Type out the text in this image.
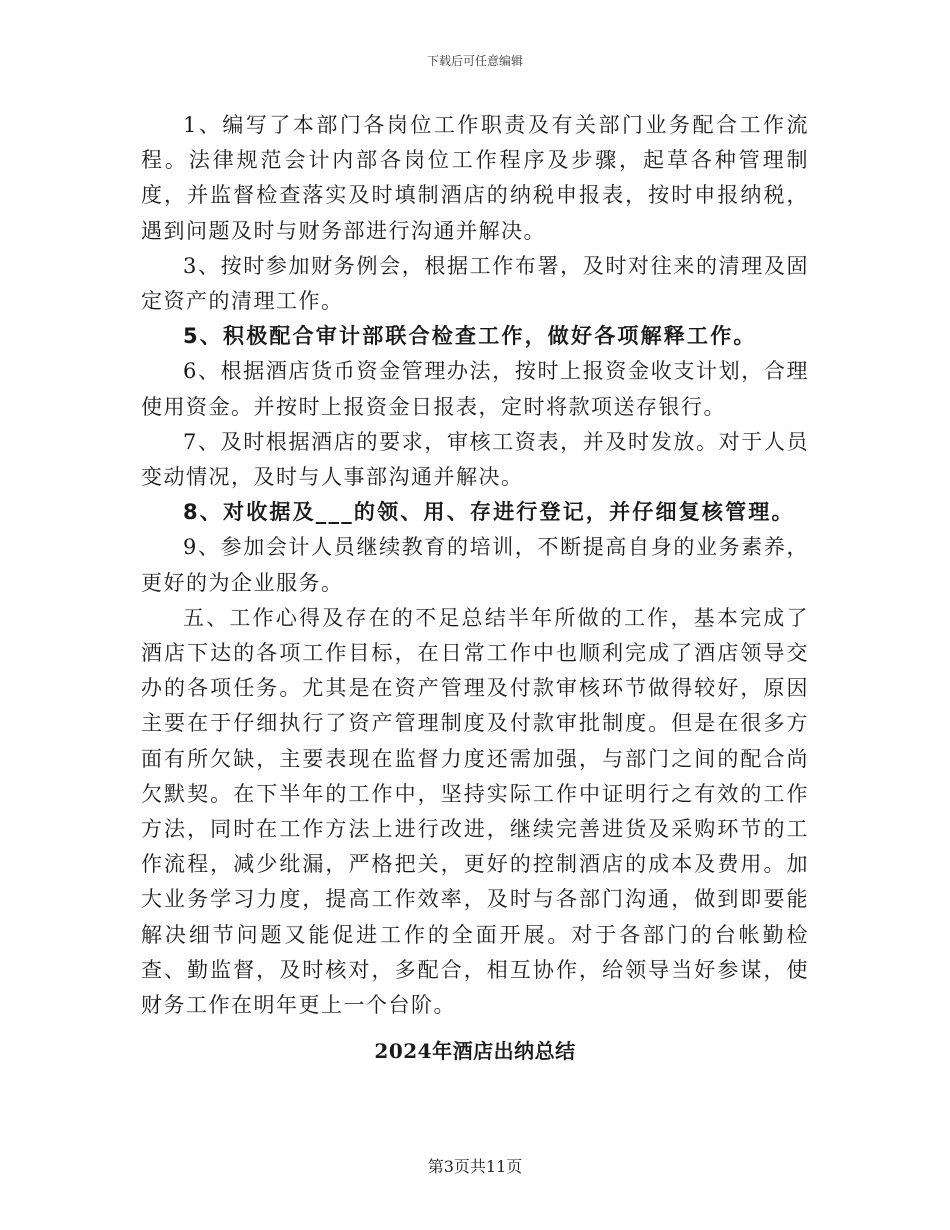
下载后可任意编辑

1、编写了本部门各岗位工作职责及有关部门业务配合工作流程。法律规范会计内部各岗位工作程序及步骤，起草各种管理制度，并监督检查落实及时填制酒店的纳税申报表，按时申报纳税，遇到问题及时与财务部进行沟通并解决。

3、按时参加财务例会，根据工作布署，及时对往来的清理及固定资产的清理工作。

5、积极配合审计部联合检查工作，做好各项解释工作。

6、根据酒店货币资金管理办法，按时上报资金收支计划，合理使用资金。并按时上报资金日报表，定时将款项送存银行。

7、及时根据酒店的要求，审核工资表，并及时发放。对于人员变动情况，及时与人事部沟通并解决。

8、对收据及___的领、用、存进行登记，并仔细复核管理。

9、参加会计人员继续教育的培训，不断提高自身的业务素养，更好的为企业服务。

五、工作心得及存在的不足总结半年所做的工作，基本完成了酒店下达的各项工作目标，在日常工作中也顺利完成了酒店领导交办的各项任务。尤其是在资产管理及付款审核环节做得较好，原因主要在于仔细执行了资产管理制度及付款审批制度。但是在很多方面有所欠缺，主要表现在监督力度还需加强，与部门之间的配合尚欠默契。在下半年的工作中，坚持实际工作中证明行之有效的工作方法，同时在工作方法上进行改进，继续完善进货及采购环节的工作流程，减少纰漏，严格把关，更好的控制酒店的成本及费用。加大业务学习力度，提高工作效率，及时与各部门沟通，做到即要能解决细节问题又能促进工作的全面开展。对于各部门的台帐勤检查、勤监督，及时核对，多配合，相互协作，给领导当好参谋，使财务工作在明年更上一个台阶。

2024年酒店出纳总结
第3页共11页
